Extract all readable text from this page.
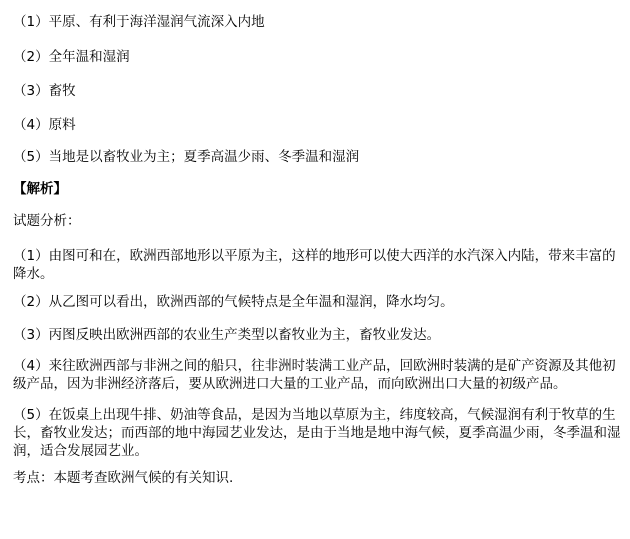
（1）平原、有利于海洋湿润气流深入内地
（2）全年温和湿润
（3）畜牧
（4）原料
（5）当地是以畜牧业为主；夏季高温少雨、冬季温和湿润
【解析】
试题分析：
（1）由图可和在，欧洲西部地形以平原为主，这样的地形可以使大西洋的水汽深入内陆，带来丰富的降水。
（2）从乙图可以看出，欧洲西部的气候特点是全年温和湿润，降水均匀。
（3）丙图反映出欧洲西部的农业生产类型以畜牧业为主，畜牧业发达。
（4）来往欧洲西部与非洲之间的船只，往非洲时装满工业产品，回欧洲时装满的是矿产资源及其他初级产品，因为非洲经济落后，要从欧洲进口大量的工业产品，而向欧洲出口大量的初级产品。
（5）在饭桌上出现牛排、奶油等食品，是因为当地以草原为主，纬度较高，气候湿润有利于牧草的生长，畜牧业发达；而西部的地中海园艺业发达，是由于当地是地中海气候，夏季高温少雨，冬季温和湿润，适合发展园艺业。
考点：本题考查欧洲气候的有关知识.
